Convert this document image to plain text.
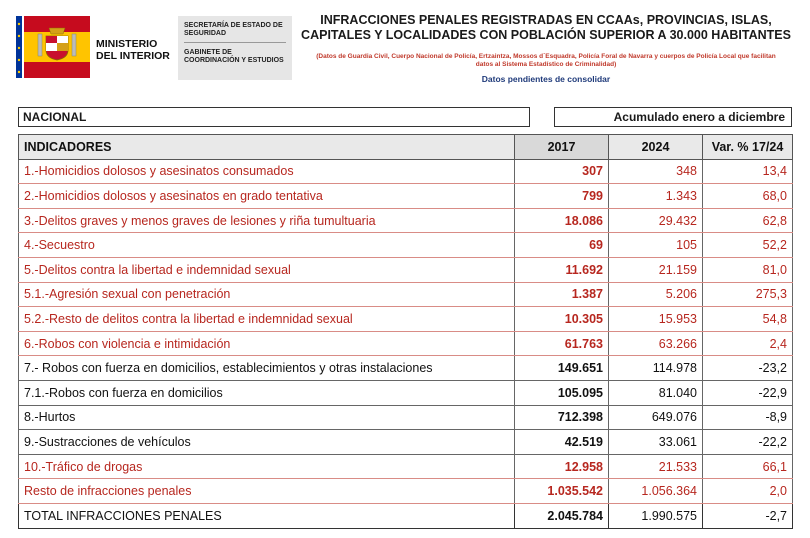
MINISTERIO
DEL INTERIOR
SECRETARÍA DE ESTADO DE SEGURIDAD
GABINETE DE COORDINACIÓN Y ESTUDIOS
INFRACCIONES PENALES REGISTRADAS EN CCAAs, PROVINCIAS, ISLAS, CAPITALES Y LOCALIDADES CON POBLACIÓN SUPERIOR A 30.000 HABITANTES
(Datos de Guardia Civil, Cuerpo Nacional de Policía, Ertzaintza, Mossos d´Esquadra, Policía Foral de Navarra y cuerpos de Policía Local que facilitan datos al Sistema Estadístico de Criminalidad)
Datos pendientes de consolidar
NACIONAL	Acumulado enero a diciembre
INDICADORES	2017	2024	Var. % 17/24
1.-Homicidios dolosos y asesinatos consumados	307	348	13,4
2.-Homicidios dolosos y asesinatos en grado tentativa	799	1.343	68,0
3.-Delitos graves y menos graves de lesiones y riña tumultuaria	18.086	29.432	62,8
4.-Secuestro	69	105	52,2
5.-Delitos contra la libertad e indemnidad sexual	11.692	21.159	81,0
5.1.-Agresión sexual con penetración	1.387	5.206	275,3
5.2.-Resto de delitos contra la libertad e indemnidad sexual	10.305	15.953	54,8
6.-Robos con violencia e intimidación	61.763	63.266	2,4
7.- Robos con fuerza en domicilios, establecimientos y otras instalaciones	149.651	114.978	-23,2
7.1.-Robos con fuerza en domicilios	105.095	81.040	-22,9
8.-Hurtos	712.398	649.076	-8,9
9.-Sustracciones de vehículos	42.519	33.061	-22,2
10.-Tráfico de drogas	12.958	21.533	66,1
Resto de infracciones penales	1.035.542	1.056.364	2,0
TOTAL INFRACCIONES PENALES	2.045.784	1.990.575	-2,7
